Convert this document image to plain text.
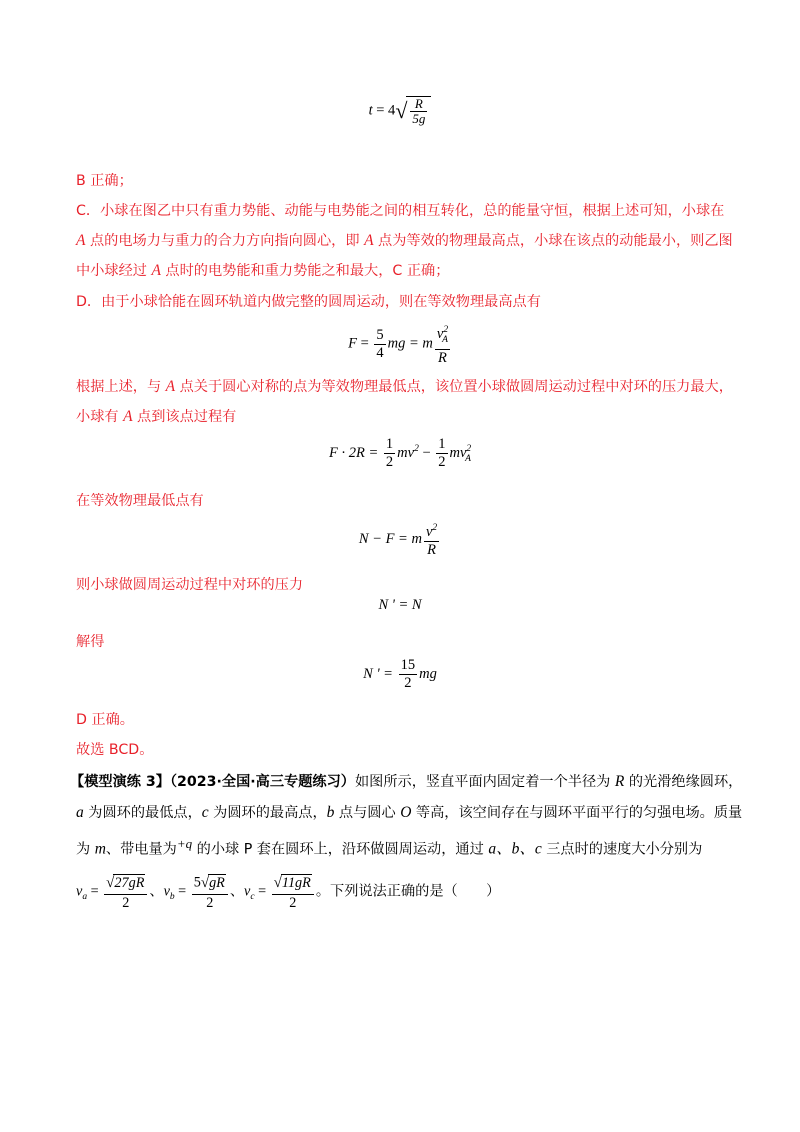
$t = 4√ \frac{R}{5g}$
B 正确；
C．小球在图乙中只有重力势能、动能与电势能之间的相互转化，总的能量守恒，根据上述可知，小球在
A 点的电场力与重力的合力方向指向圆心，即 A 点为等效的物理最高点，小球在该点的动能最小，则乙图
中小球经过 A 点时的电势能和重力势能之和最大，C 正确；
D．由于小球恰能在圆环轨道内做完整的圆周运动，则在等效物理最高点有
$F = \frac{5}{4}$ mg = m $\frac{v^2_A}{R}$
根据上述，与 A 点关于圆心对称的点为等效物理最低点，该位置小球做圆周运动过程中对环的压力最大，
小球有 A 点到该点过程有
$F \cdot 2R = \frac{1}{2} mv^2 - \frac{1}{2} mv^2_A$
在等效物理最低点有
N − F = m $\frac{v^2}{R}$
则小球做圆周运动过程中对环的压力
N ' = N
解得
N ' = $\frac{15}{2}$ mg
D 正确。
故选 BCD。
【模型演练 3】（2023·全国·高三专题练习）如图所示，竖直平面内固定着一个半径为 R 的光滑绝缘圆环，
a 为圆环的最低点，c 为圆环的最高点，b 点与圆心 O 等高，该空间存在与圆环平面平行的匀强电场。质量
为 m、带电量为$^{+q}$ 的小球 P 套在圆环上，沿环做圆周运动，通过 a、b、c 三点时的速度大小分别为
$v_a = \frac{√27gR}{2}$ 、$v_b = \frac{5√gR}{2}$ 、$v_c = \frac{√11gR}{2}$ 。下列说法正确的是（　　）
